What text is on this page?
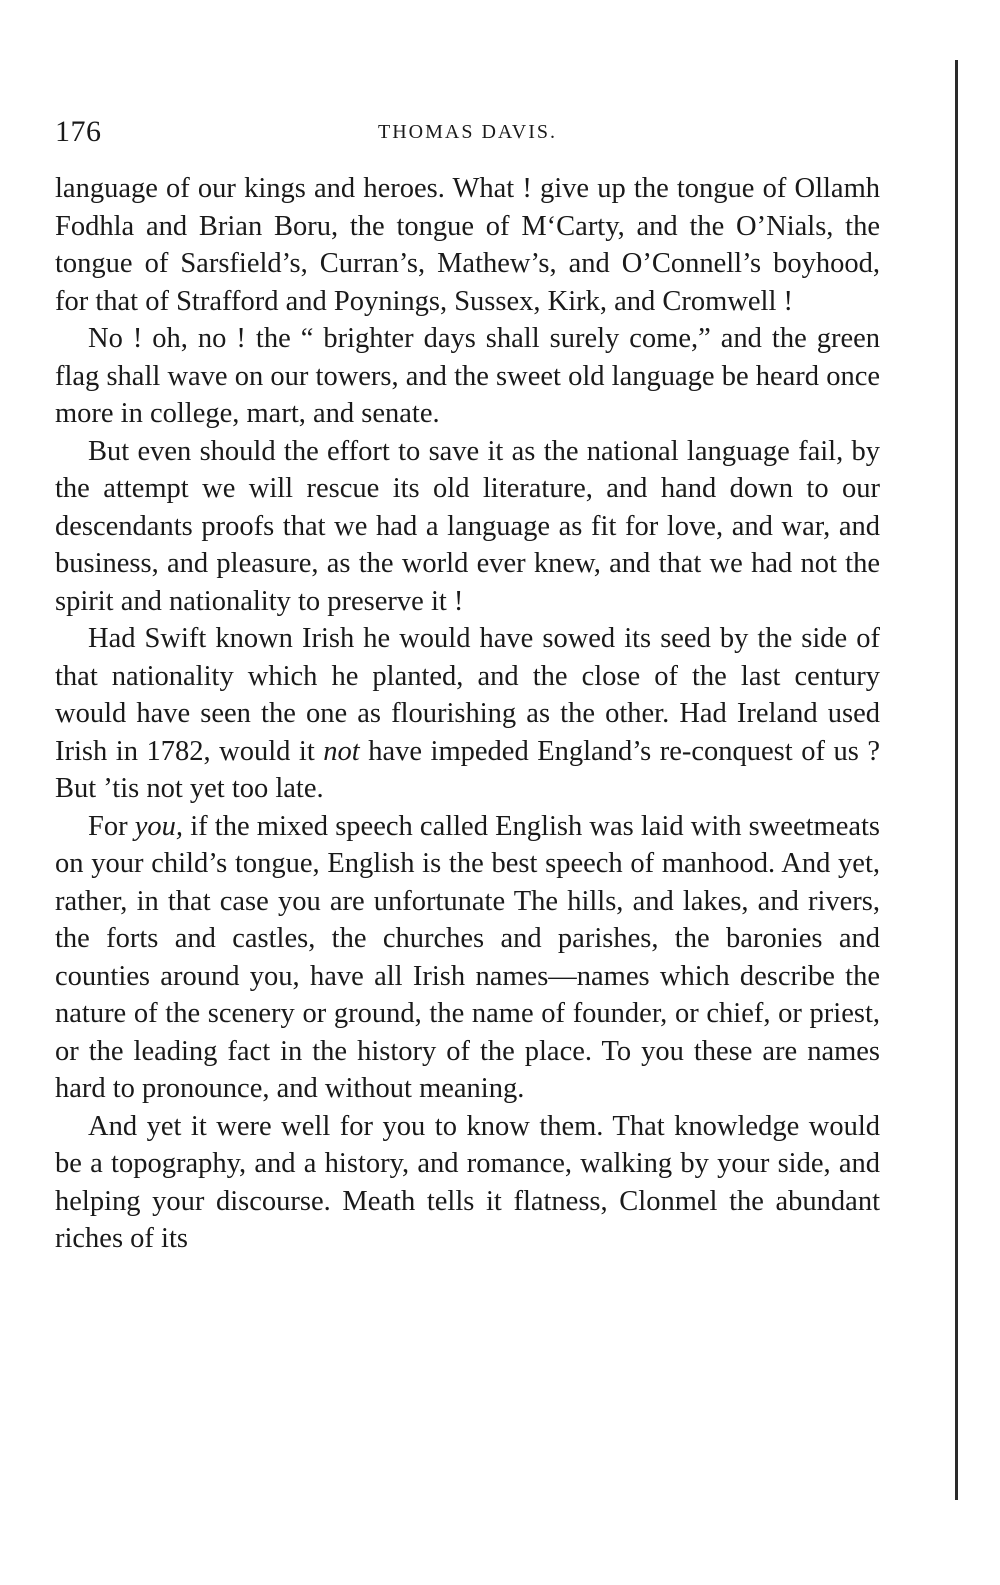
176	THOMAS DAVIS.

language of our kings and heroes. What ! give up the tongue of Ollamh Fodhla and Brian Boru, the tongue of M‘Carty, and the O’Nials, the tongue of Sarsfield’s, Curran’s, Mathew’s, and O’Connell’s boyhood, for that of Strafford and Poynings, Sussex, Kirk, and Cromwell !

No ! oh, no ! the “ brighter days shall surely come,” and the green flag shall wave on our towers, and the sweet old language be heard once more in college, mart, and senate.

But even should the effort to save it as the national language fail, by the attempt we will rescue its old literature, and hand down to our descendants proofs that we had a language as fit for love, and war, and business, and pleasure, as the world ever knew, and that we had not the spirit and nationality to preserve it !

Had Swift known Irish he would have sowed its seed by the side of that nationality which he planted, and the close of the last century would have seen the one as flourishing as the other. Had Ireland used Irish in 1782, would it not have impeded England’s re-conquest of us ? But ’tis not yet too late.

For you, if the mixed speech called English was laid with sweetmeats on your child’s tongue, English is the best speech of manhood. And yet, rather, in that case you are unfortunate The hills, and lakes, and rivers, the forts and castles, the churches and parishes, the baronies and counties around you, have all Irish names—names which describe the nature of the scenery or ground, the name of founder, or chief, or priest, or the leading fact in the history of the place. To you these are names hard to pronounce, and without meaning.

And yet it were well for you to know them. That knowledge would be a topography, and a history, and romance, walking by your side, and helping your discourse. Meath tells it flatness, Clonmel the abundant riches of its
